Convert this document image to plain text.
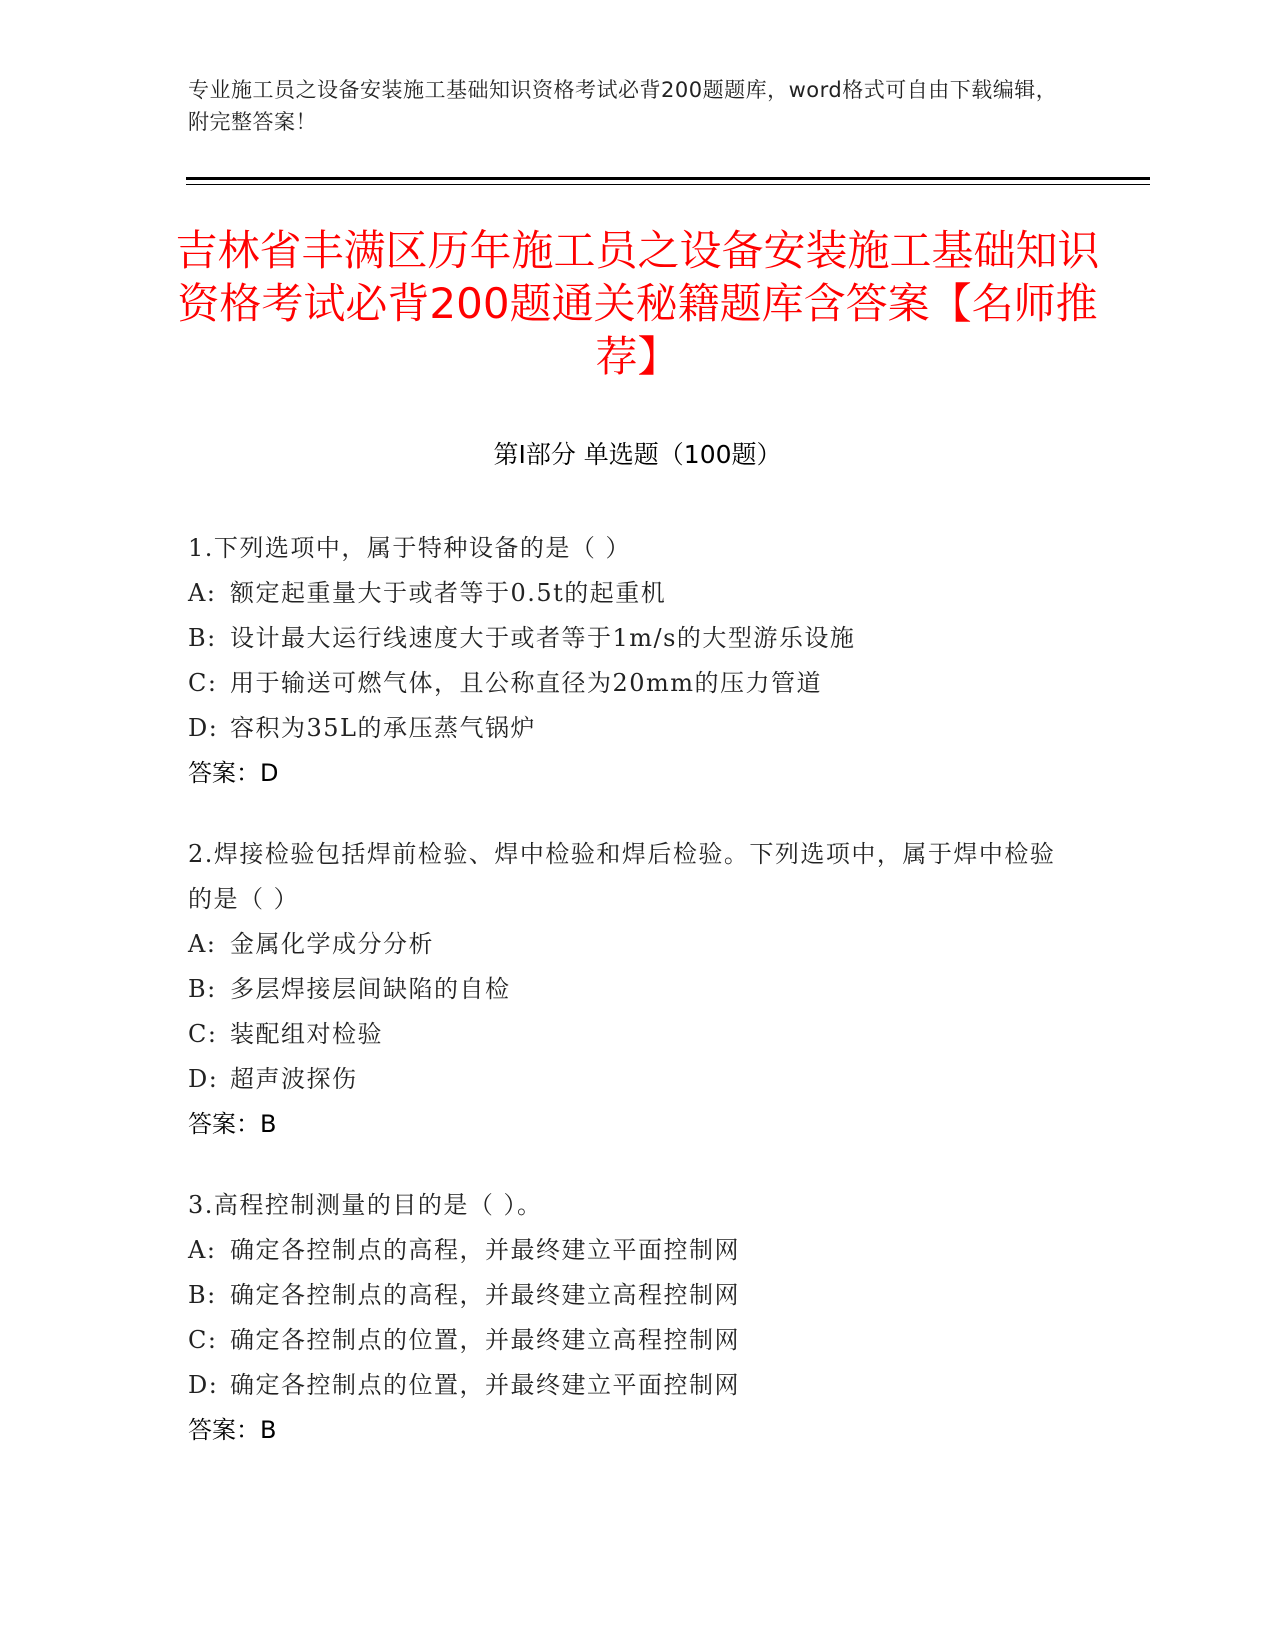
专业施工员之设备安装施工基础知识资格考试必背200题题库，word格式可自由下载编辑，附完整答案！
吉林省丰满区历年施工员之设备安装施工基础知识资格考试必背200题通关秘籍题库含答案【名师推荐】
第Ⅰ部分 单选题（100题）
1.下列选项中，属于特种设备的是（ ）
A: 额定起重量大于或者等于0.5t的起重机
B: 设计最大运行线速度大于或者等于1m/s的大型游乐设施
C: 用于输送可燃气体，且公称直径为20mm的压力管道
D: 容积为35L的承压蒸气锅炉
答案：D
2.焊接检验包括焊前检验、焊中检验和焊后检验。下列选项中，属于焊中检验的是（ ）
A: 金属化学成分分析
B: 多层焊接层间缺陷的自检
C: 装配组对检验
D: 超声波探伤
答案：B
3.高程控制测量的目的是（ ）。
A: 确定各控制点的高程，并最终建立平面控制网
B: 确定各控制点的高程，并最终建立高程控制网
C: 确定各控制点的位置，并最终建立高程控制网
D: 确定各控制点的位置，并最终建立平面控制网
答案：B
